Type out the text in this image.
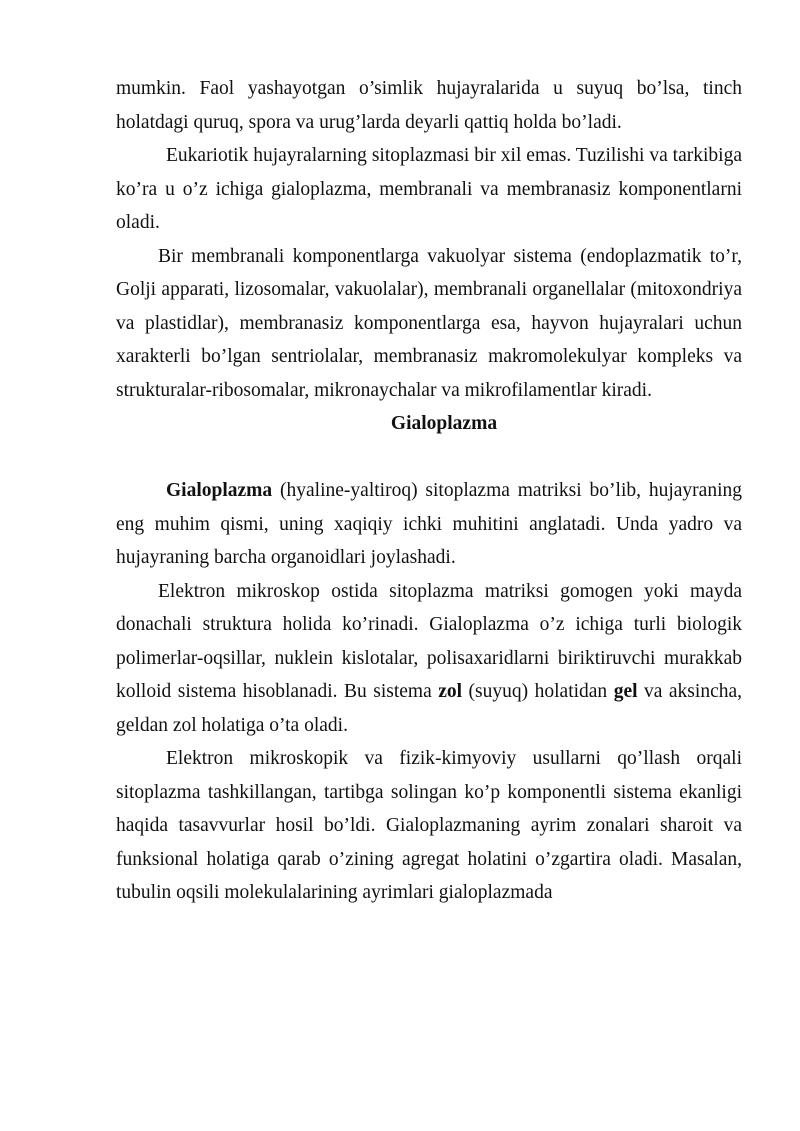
mumkin. Faol yashayotgan o’simlik hujayralarida u suyuq bo’lsa, tinch holatdagi quruq, spora va urug’larda deyarli qattiq holda bo’ladi.

Eukariotik hujayralarning sitoplazmasi bir xil emas. Tuzilishi va tarkibiga ko’ra u o’z ichiga gialoplazma, membranali va membranasiz komponentlarni oladi.

Bir membranali komponentlarga vakuolyar sistema (endoplazmatik to’r, Golji apparati, lizosomalar, vakuolalar), membranali organellalar (mitoxondriya va plastidlar), membranasiz komponentlarga esa, hayvon hujayralari uchun xarakterli bo’lgan sentriolalar, membranasiz makromolekulyar kompleks va strukturalar-ribosomalar, mikronaychalar va mikrofilamentlar kiradi.

Gialoplazma

Gialoplazma (hyaline-yaltiroq) sitoplazma matriksi bo’lib, hujayraning eng muhim qismi, uning xaqiqiy ichki muhitini anglatadi. Unda yadro va hujayraning barcha organoidlari joylashadi.

Elektron mikroskop ostida sitoplazma matriksi gomogen yoki mayda donachali struktura holida ko’rinadi. Gialoplazma o’z ichiga turli biologik polimerlar-oqsillar, nuklein kislotalar, polisaxaridlarni biriktiruvchi murakkab kolloid sistema hisoblanadi. Bu sistema zol (suyuq) holatidan gel va aksincha, geldan zol holatiga o’ta oladi.

Elektron mikroskopik va fizik-kimyoviy usullarni qo’llash orqali sitoplazma tashkillangan, tartibga solingan ko’p komponentli sistema ekanligi haqida tasavvurlar hosil bo’ldi. Gialoplazmaning ayrim zonalari sharoit va funksional holatiga qarab o’zining agregat holatini o’zgartira oladi. Masalan, tubulin oqsili molekulalarining ayrimlari gialoplazmada
